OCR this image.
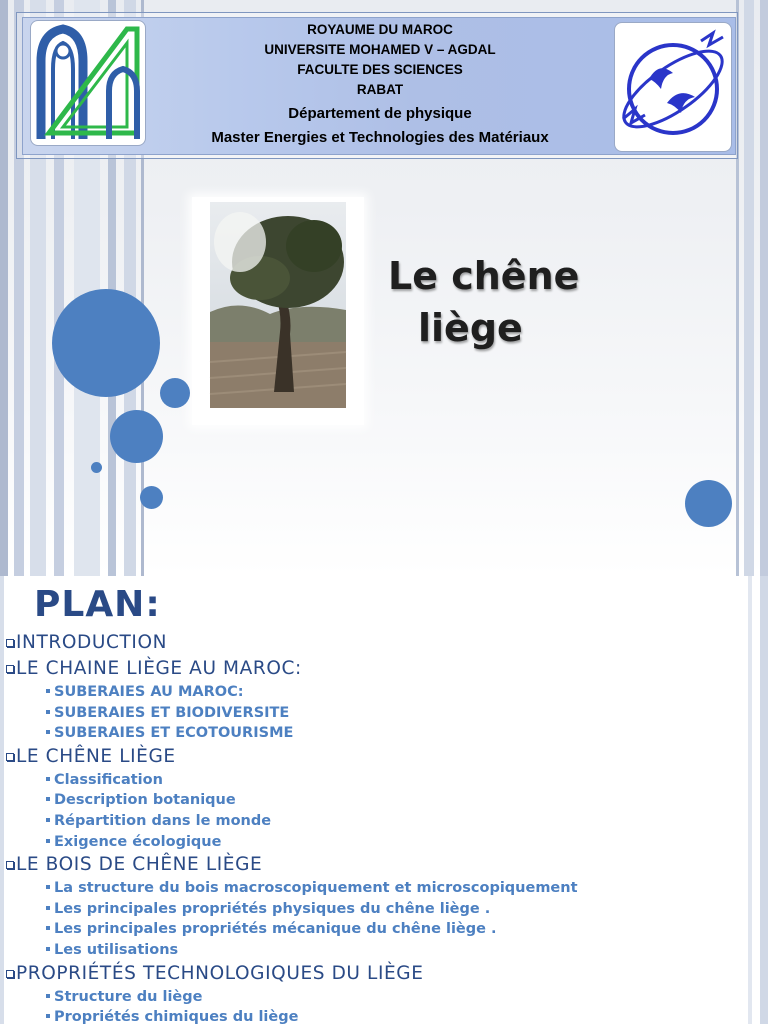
ROYAUME DU MAROC
UNIVERSITE MOHAMED V – AGDAL
FACULTE DES SCIENCES
RABAT
Département de physique
Master Energies et Technologies des Matériaux
Le chêne
liège
PLAN:
INTRODUCTION
LE CHAINE LIÈGE AU MAROC:
SUBERAIES AU MAROC:
SUBERAIES ET BIODIVERSITE
SUBERAIES ET ECOTOURISME
LE CHÊNE LIÈGE
Classification
Description botanique
Répartition dans le monde
Exigence écologique
LE BOIS DE CHÊNE LIÈGE
La structure du bois macroscopiquement et microscopiquement
Les principales propriétés physiques du chêne liège .
Les principales propriétés mécanique du chêne liège .
Les utilisations
PROPRIÉTÉS TECHNOLOGIQUES DU LIÈGE
Structure du liège
Propriétés chimiques du liège
